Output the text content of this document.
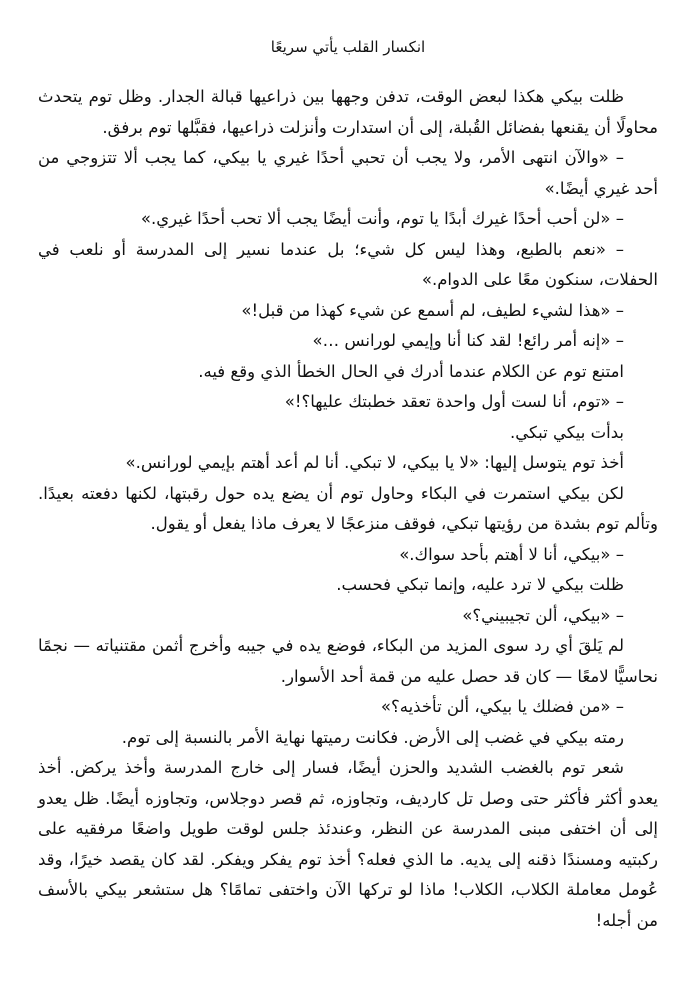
انكسار القلب يأتي سريعًا

ظلت بيكي هكذا لبعض الوقت، تدفن وجهها بين ذراعيها قبالة الجدار. وظل توم يتحدث محاولًا أن يقنعها بفضائل القُبلة، إلى أن استدارت وأنزلت ذراعيها، فقبَّلها توم برفق.

– «والآن انتهى الأمر، ولا يجب أن تحبي أحدًا غيري يا بيكي، كما يجب ألا تتزوجي من أحد غيري أيضًا.»

– «لن أحب أحدًا غيرك أبدًا يا توم، وأنت أيضًا يجب ألا تحب أحدًا غيري.»

– «نعم بالطبع، وهذا ليس كل شيء؛ بل عندما نسير إلى المدرسة أو نلعب في الحفلات، سنكون معًا على الدوام.»

– «هذا لشيء لطيف، لم أسمع عن شيء كهذا من قبل!»

– «إنه أمر رائع! لقد كنا أنا وإيمي لورانس …»

امتنع توم عن الكلام عندما أدرك في الحال الخطأ الذي وقع فيه.

– «توم، أنا لست أول واحدة تعقد خطبتك عليها؟!»

بدأت بيكي تبكي.

أخذ توم يتوسل إليها: «لا يا بيكي، لا تبكي. أنا لم أعد أهتم بإيمي لورانس.»

لكن بيكي استمرت في البكاء وحاول توم أن يضع يده حول رقبتها، لكنها دفعته بعيدًا. وتألم توم بشدة من رؤيتها تبكي، فوقف منزعجًا لا يعرف ماذا يفعل أو يقول.

– «بيكي، أنا لا أهتم بأحد سواك.»

ظلت بيكي لا ترد عليه، وإنما تبكي فحسب.

– «بيكي، ألن تجيبيني؟»

لم يَلقَ أي رد سوى المزيد من البكاء، فوضع يده في جيبه وأخرج أثمن مقتنياته — نجمًا نحاسيًّا لامعًا — كان قد حصل عليه من قمة أحد الأسوار.

– «من فضلك يا بيكي، ألن تأخذيه؟»

رمته بيكي في غضب إلى الأرض. فكانت رميتها نهاية الأمر بالنسبة إلى توم.

شعر توم بالغضب الشديد والحزن أيضًا، فسار إلى خارج المدرسة وأخذ يركض. أخذ يعدو أكثر فأكثر حتى وصل تل كارديف، وتجاوزه، ثم قصر دوجلاس، وتجاوزه أيضًا. ظل يعدو إلى أن اختفى مبنى المدرسة عن النظر، وعندئذ جلس لوقت طويل واضعًا مرفقيه على ركبتيه ومسندًا ذقنه إلى يديه. ما الذي فعله؟ أخذ توم يفكر ويفكر. لقد كان يقصد خيرًا، وقد عُومل معاملة الكلاب، الكلاب! ماذا لو تركها الآن واختفى تمامًا؟ هل ستشعر بيكي بالأسف من أجله!
